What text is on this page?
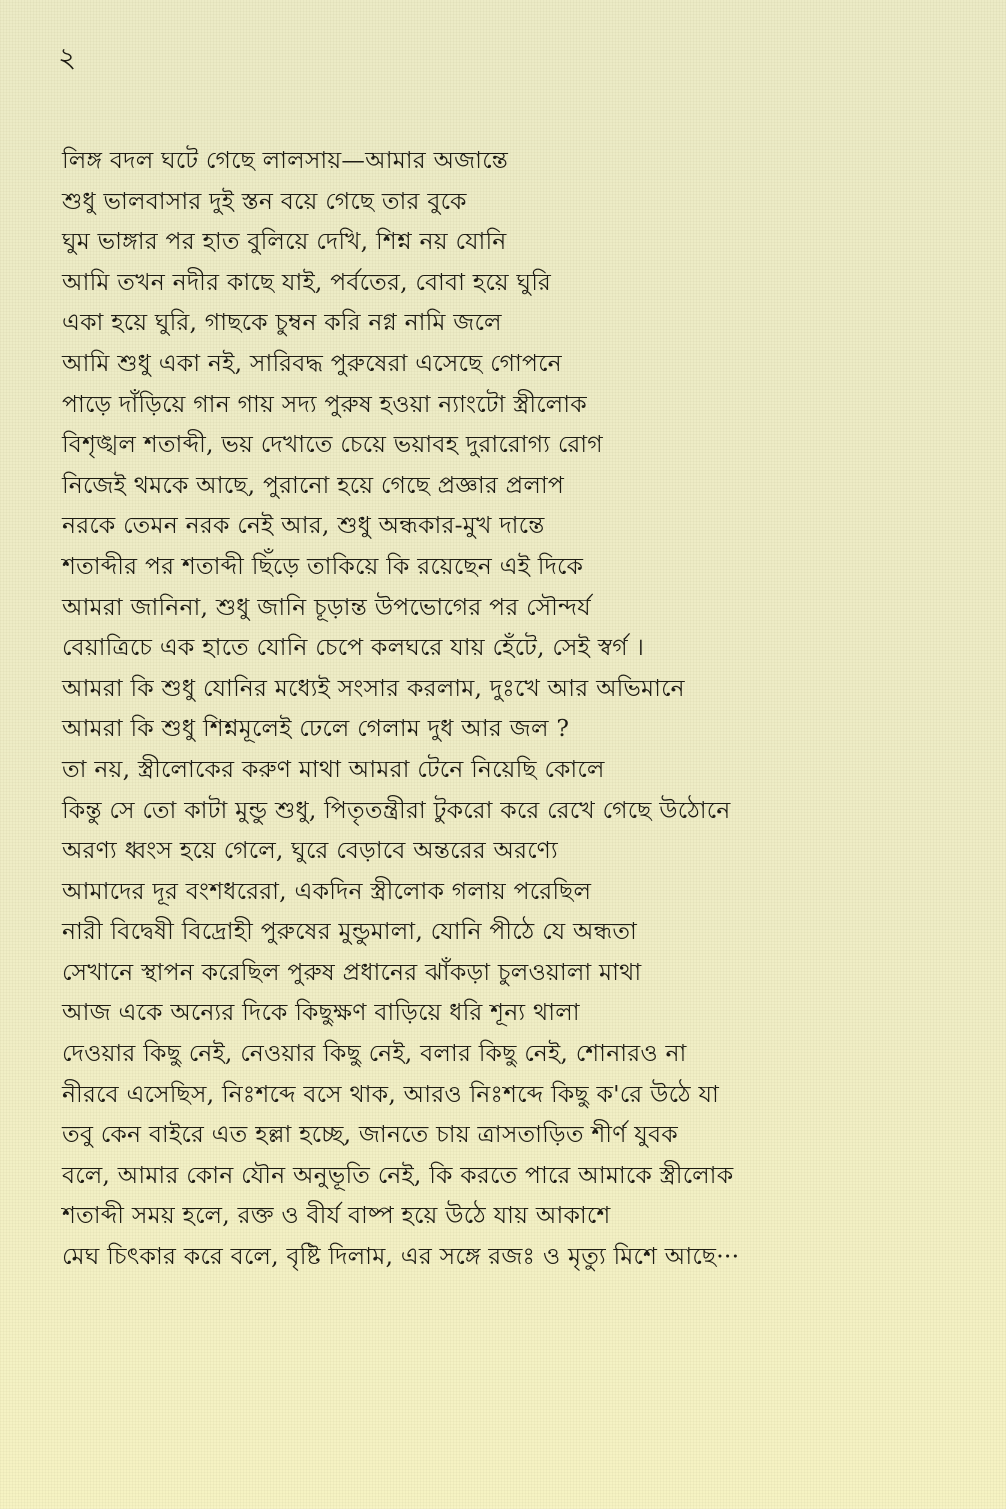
২
লিঙ্গ বদল ঘটে গেছে লালসায়—আমার অজান্তে
শুধু ভালবাসার দুই স্তন বয়ে গেছে তার বুকে
ঘুম ভাঙ্গার পর হাত বুলিয়ে দেখি, শিশ্ন নয় যোনি
আমি তখন নদীর কাছে যাই, পর্বতের, বোবা হয়ে ঘুরি
একা হয়ে ঘুরি, গাছকে চুম্বন করি নগ্ন নামি জলে
আমি শুধু একা নই, সারিবদ্ধ পুরুষেরা এসেছে গোপনে
পাড়ে দাঁড়িয়ে গান গায় সদ্য পুরুষ হওয়া ন্যাংটো স্ত্রীলোক
বিশৃঙ্খল শতাব্দী, ভয় দেখাতে চেয়ে ভয়াবহ দুরারোগ্য রোগ
নিজেই থমকে আছে, পুরানো হয়ে গেছে প্রজ্ঞার প্রলাপ
নরকে তেমন নরক নেই আর, শুধু অন্ধকার-মুখ দান্তে
শতাব্দীর পর শতাব্দী ছিঁড়ে তাকিয়ে কি রয়েছেন এই দিকে
আমরা জানিনা, শুধু জানি চূড়ান্ত উপভোগের পর সৌন্দর্য
বেয়াত্রিচে এক হাতে যোনি চেপে কলঘরে যায় হেঁটে, সেই স্বর্গ ।
আমরা কি শুধু যোনির মধ্যেই সংসার করলাম, দুঃখে আর অভিমানে
আমরা কি শুধু শিশ্নমূলেই ঢেলে গেলাম দুধ আর জল ?
তা নয়, স্ত্রীলোকের করুণ মাথা আমরা টেনে নিয়েছি কোলে
কিন্তু সে তো কাটা মুন্ডু শুধু, পিতৃতন্ত্রীরা টুকরো করে রেখে গেছে উঠোনে
অরণ্য ধ্বংস হয়ে গেলে, ঘুরে বেড়াবে অন্তরের অরণ্যে
আমাদের দূর বংশধরেরা, একদিন স্ত্রীলোক গলায় পরেছিল
নারী বিদ্বেষী বিদ্রোহী পুরুষের মুন্ডুমালা, যোনি পীঠে যে অন্ধতা
সেখানে স্থাপন করেছিল পুরুষ প্রধানের ঝাঁকড়া চুলওয়ালা মাথা
আজ একে অন্যের দিকে কিছুক্ষণ বাড়িয়ে ধরি শূন্য থালা
দেওয়ার কিছু নেই, নেওয়ার কিছু নেই, বলার কিছু নেই, শোনারও না
নীরবে এসেছিস, নিঃশব্দে বসে থাক, আরও নিঃশব্দে কিছু ক'রে উঠে যা
তবু কেন বাইরে এত হল্লা হচ্ছে, জানতে চায় ত্রাসতাড়িত শীর্ণ যুবক
বলে, আমার কোন যৌন অনুভূতি নেই, কি করতে পারে আমাকে স্ত্রীলোক
শতাব্দী সময় হলে, রক্ত ও বীর্য বাষ্প হয়ে উঠে যায় আকাশে
মেঘ চিৎকার করে বলে, বৃষ্টি দিলাম, এর সঙ্গে রজঃ ও মৃত্যু মিশে আছে···
